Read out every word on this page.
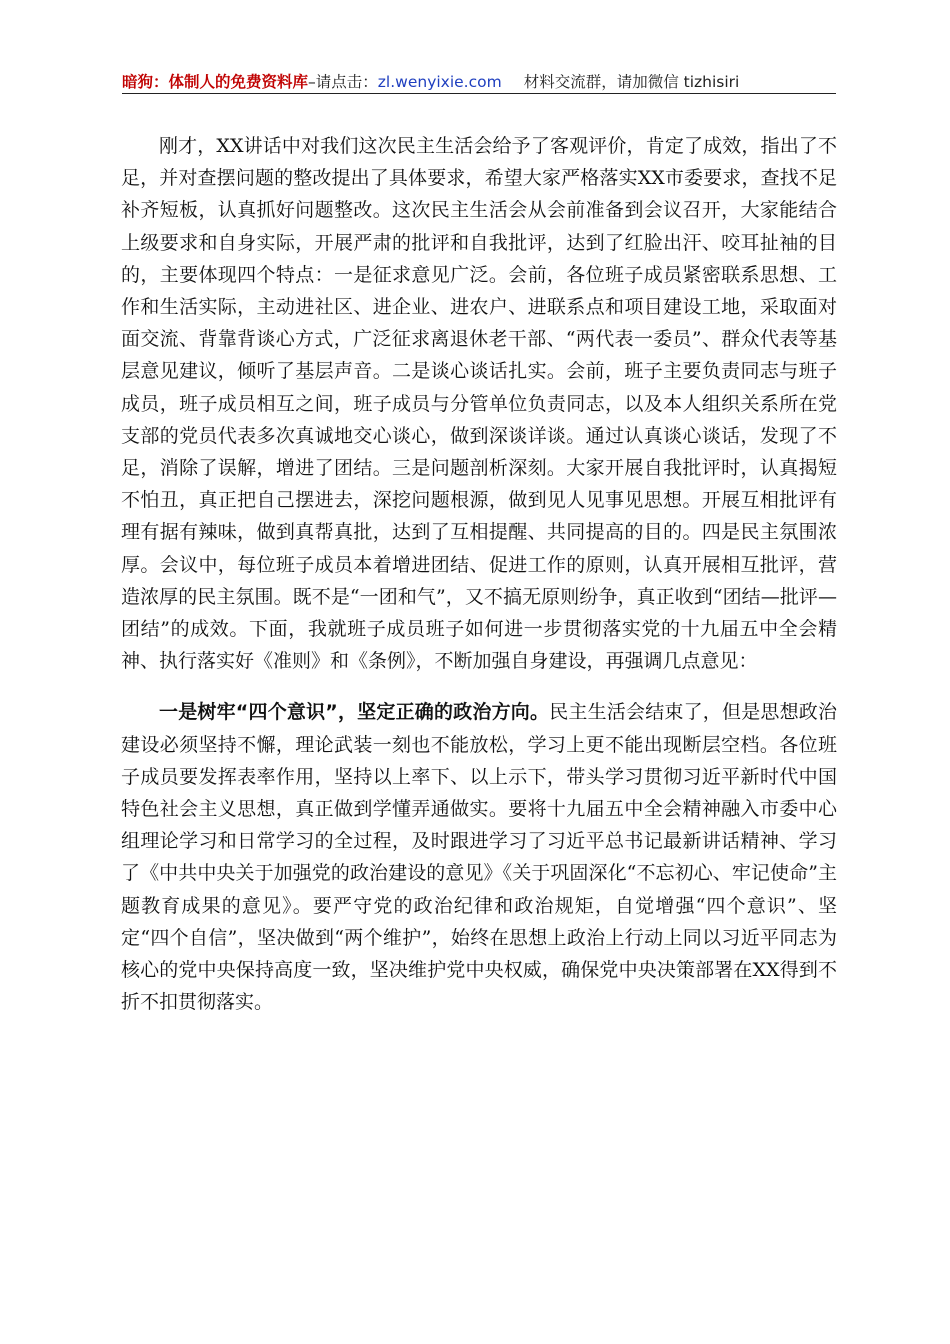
暗狗：体制人的免费资料库–请点击：zl.wenyixie.com 材料交流群，请加微信 tizhisiri

刚才，XX讲话中对我们这次民主生活会给予了客观评价，肯定了成效，指出了不足，并对查摆问题的整改提出了具体要求，希望大家严格落实XX市委要求，查找不足补齐短板，认真抓好问题整改。这次民主生活会从会前准备到会议召开，大家能结合上级要求和自身实际，开展严肃的批评和自我批评，达到了红脸出汗、咬耳扯袖的目的，主要体现四个特点：一是征求意见广泛。会前，各位班子成员紧密联系思想、工作和生活实际，主动进社区、进企业、进农户、进联系点和项目建设工地，采取面对面交流、背靠背谈心方式，广泛征求离退休老干部、“两代表一委员”、群众代表等基层意见建议，倾听了基层声音。二是谈心谈话扎实。会前，班子主要负责同志与班子成员，班子成员相互之间，班子成员与分管单位负责同志，以及本人组织关系所在党支部的党员代表多次真诚地交心谈心，做到深谈详谈。通过认真谈心谈话，发现了不足，消除了误解，增进了团结。三是问题剖析深刻。大家开展自我批评时，认真揭短不怕丑，真正把自己摆进去，深挖问题根源，做到见人见事见思想。开展互相批评有理有据有辣味，做到真帮真批，达到了互相提醒、共同提高的目的。四是民主氛围浓厚。会议中，每位班子成员本着增进团结、促进工作的原则，认真开展相互批评，营造浓厚的民主氛围。既不是“一团和气”，又不搞无原则纷争，真正收到“团结—批评—团结”的成效。下面，我就班子成员班子如何进一步贯彻落实党的十九届五中全会精神、执行落实好《准则》和《条例》，不断加强自身建设，再强调几点意见：

一是树牢“四个意识”，坚定正确的政治方向。民主生活会结束了，但是思想政治建设必须坚持不懈，理论武装一刻也不能放松，学习上更不能出现断层空档。各位班子成员要发挥表率作用，坚持以上率下、以上示下，带头学习贯彻习近平新时代中国特色社会主义思想，真正做到学懂弄通做实。要将十九届五中全会精神融入市委中心组理论学习和日常学习的全过程，及时跟进学习了习近平总书记最新讲话精神、学习了《中共中央关于加强党的政治建设的意见》《关于巩固深化“不忘初心、牢记使命”主题教育成果的意见》。要严守党的政治纪律和政治规矩，自觉增强“四个意识”、坚定“四个自信”，坚决做到“两个维护”，始终在思想上政治上行动上同以习近平同志为核心的党中央保持高度一致，坚决维护党中央权威，确保党中央决策部署在XX得到不折不扣贯彻落实。
